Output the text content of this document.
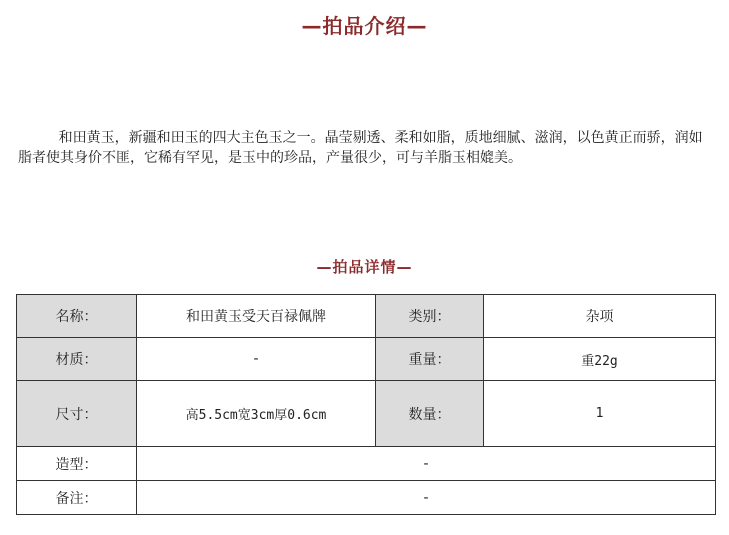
—拍品介绍—

和田黄玉，新疆和田玉的四大主色玉之一。晶莹剔透、柔和如脂，质地细腻、滋润，以色黄正而骄，润如脂者使其身价不匪，它稀有罕见，是玉中的珍品，产量很少，可与羊脂玉相媲美。

—拍品详情—
名称：	和田黄玉受天百禄佩牌	类别：	杂项
材质：	-	重量：	重22g
尺寸：	高5.5cm宽3cm厚0.6cm	数量：	1
造型：	-		
备注：	-		
